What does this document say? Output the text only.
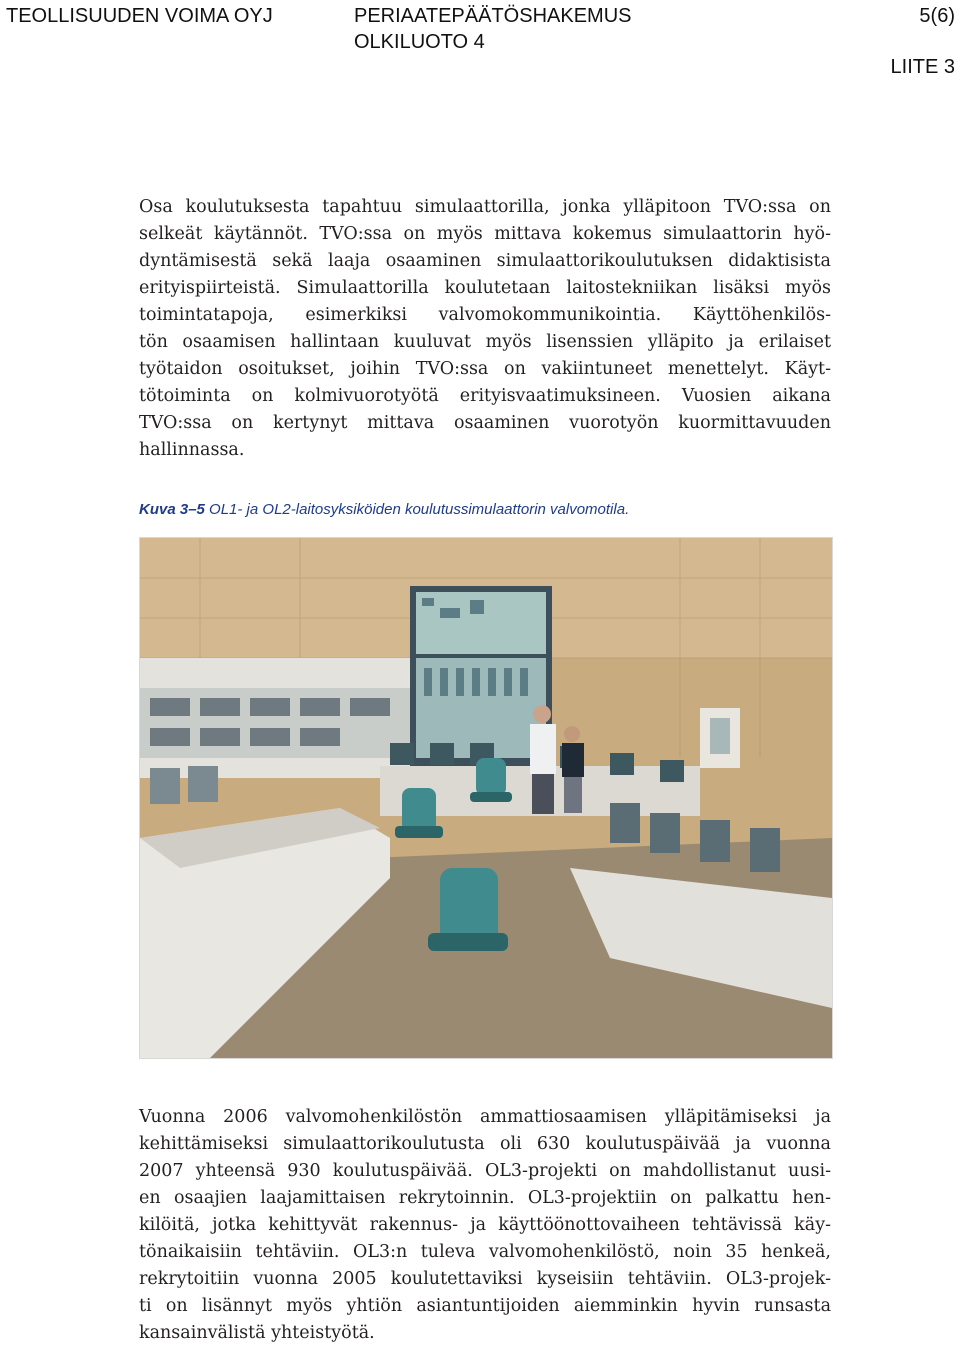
TEOLLISUUDEN VOIMA OYJ	PERIAATEPÄÄTÖSHAKEMUS
OLKILUOTO 4
5(6)
LIITE 3
Osa koulutuksesta tapahtuu simulaattorilla, jonka ylläpitoon TVO:ssa on
selkeät käytännöt. TVO:ssa on myös mittava kokemus simulaattorin hyö-
dyntämisestä sekä laaja osaaminen simulaattorikoulutuksen didaktisista
erityispiirteistä. Simulaattorilla koulutetaan laitostekniikan lisäksi myös
toimintatapoja, esimerkiksi valvomokommunikointia. Käyttöhenkilös-
tön osaamisen hallintaan kuuluvat myös lisenssien ylläpito ja erilaiset
työtaidon osoitukset, joihin TVO:ssa on vakiintuneet menettelyt. Käyt-
tötoiminta on kolmivuorotyötä erityisvaatimuksineen. Vuosien aikana
TVO:ssa on kertynyt mittava osaaminen vuorotyön kuormittavuuden
hallinnassa.
Kuva 3–5 OL1- ja OL2-laitosyksiköiden koulutussimulaattorin valvomotila.
Vuonna 2006 valvomohenkilöstön ammattiosaamisen ylläpitämiseksi ja
kehittämiseksi simulaattorikoulutusta oli 630 koulutuspäivää ja vuonna
2007 yhteensä 930 koulutuspäivää. OL3-projekti on mahdollistanut uusi-
en osaajien laajamittaisen rekrytoinnin. OL3-projektiin on palkattu hen-
kilöitä, jotka kehittyvät rakennus- ja käyttöönottovaiheen tehtävissä käy-
tönaikaisiin tehtäviin. OL3:n tuleva valvomohenkilöstö, noin 35 henkeä,
rekrytoitiin vuonna 2005 koulutettaviksi kyseisiin tehtäviin. OL3-projek-
ti on lisännyt myös yhtiön asiantuntijoiden aiemminkin hyvin runsasta
kansainvälistä yhteistyötä.
